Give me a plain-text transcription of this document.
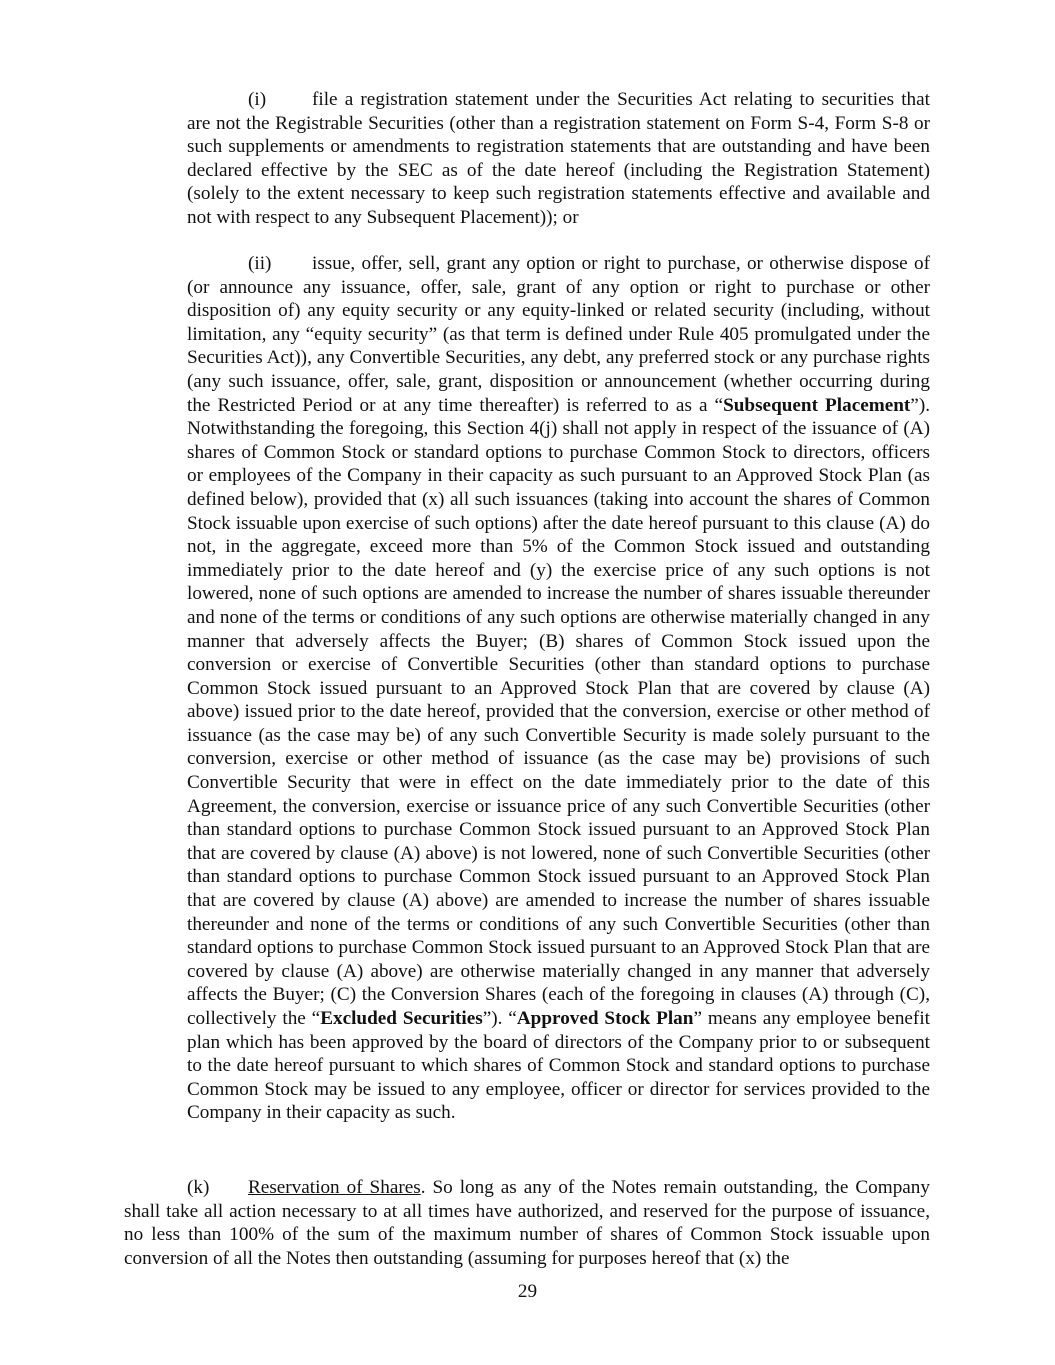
(i) file a registration statement under the Securities Act relating to securities that are not the Registrable Securities (other than a registration statement on Form S-4, Form S-8 or such supplements or amendments to registration statements that are outstanding and have been declared effective by the SEC as of the date hereof (including the Registration Statement) (solely to the extent necessary to keep such registration statements effective and available and not with respect to any Subsequent Placement)); or

(ii) issue, offer, sell, grant any option or right to purchase, or otherwise dispose of (or announce any issuance, offer, sale, grant of any option or right to purchase or other disposition of) any equity security or any equity-linked or related security (including, without limitation, any “equity security” (as that term is defined under Rule 405 promulgated under the Securities Act)), any Convertible Securities, any debt, any preferred stock or any purchase rights (any such issuance, offer, sale, grant, disposition or announcement (whether occurring during the Restricted Period or at any time thereafter) is referred to as a “Subsequent Placement”). Notwithstanding the foregoing, this Section 4(j) shall not apply in respect of the issuance of (A) shares of Common Stock or standard options to purchase Common Stock to directors, officers or employees of the Company in their capacity as such pursuant to an Approved Stock Plan (as defined below), provided that (x) all such issuances (taking into account the shares of Common Stock issuable upon exercise of such options) after the date hereof pursuant to this clause (A) do not, in the aggregate, exceed more than 5% of the Common Stock issued and outstanding immediately prior to the date hereof and (y) the exercise price of any such options is not lowered, none of such options are amended to increase the number of shares issuable thereunder and none of the terms or conditions of any such options are otherwise materially changed in any manner that adversely affects the Buyer; (B) shares of Common Stock issued upon the conversion or exercise of Convertible Securities (other than standard options to purchase Common Stock issued pursuant to an Approved Stock Plan that are covered by clause (A) above) issued prior to the date hereof, provided that the conversion, exercise or other method of issuance (as the case may be) of any such Convertible Security is made solely pursuant to the conversion, exercise or other method of issuance (as the case may be) provisions of such Convertible Security that were in effect on the date immediately prior to the date of this Agreement, the conversion, exercise or issuance price of any such Convertible Securities (other than standard options to purchase Common Stock issued pursuant to an Approved Stock Plan that are covered by clause (A) above) is not lowered, none of such Convertible Securities (other than standard options to purchase Common Stock issued pursuant to an Approved Stock Plan that are covered by clause (A) above) are amended to increase the number of shares issuable thereunder and none of the terms or conditions of any such Convertible Securities (other than standard options to purchase Common Stock issued pursuant to an Approved Stock Plan that are covered by clause (A) above) are otherwise materially changed in any manner that adversely affects the Buyer; (C) the Conversion Shares (each of the foregoing in clauses (A) through (C), collectively the “Excluded Securities”). “Approved Stock Plan” means any employee benefit plan which has been approved by the board of directors of the Company prior to or subsequent to the date hereof pursuant to which shares of Common Stock and standard options to purchase Common Stock may be issued to any employee, officer or director for services provided to the Company in their capacity as such.

(k) Reservation of Shares. So long as any of the Notes remain outstanding, the Company shall take all action necessary to at all times have authorized, and reserved for the purpose of issuance, no less than 100% of the sum of the maximum number of shares of Common Stock issuable upon conversion of all the Notes then outstanding (assuming for purposes hereof that (x) the

29
